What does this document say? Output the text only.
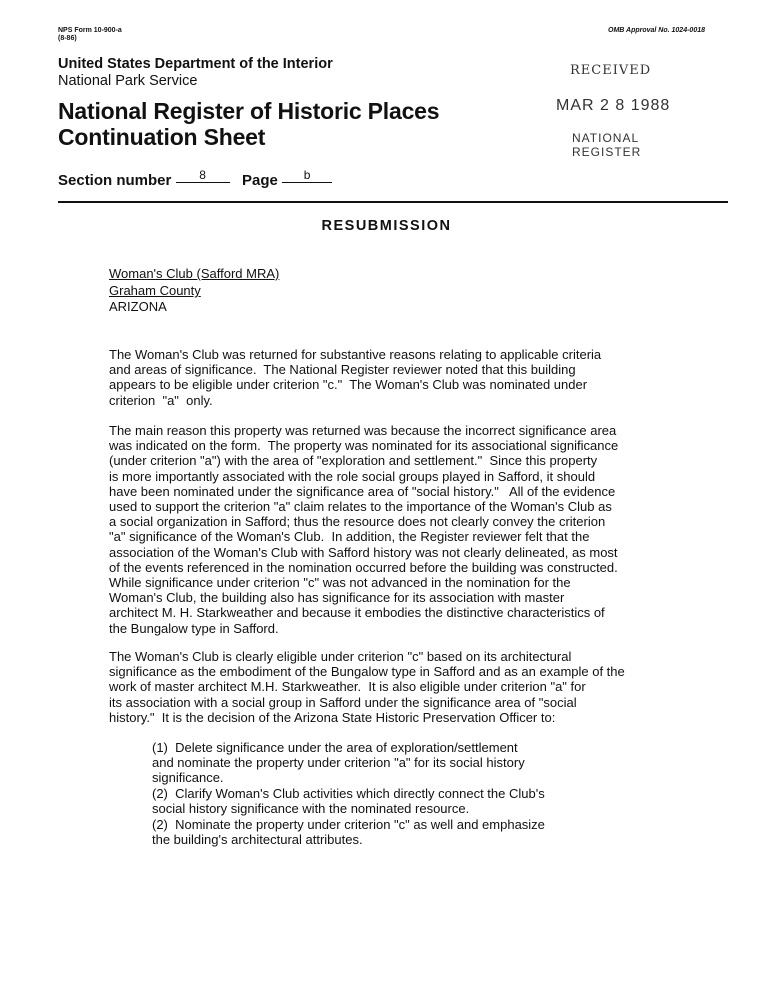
NPS Form 10-900-a
(8-86)
OMB Approval No. 1024-0018
United States Department of the Interior
National Park Service
National Register of Historic Places
Continuation Sheet
RECEIVED
MAR 2 8 1988
NATIONAL
REGISTER
Section number 8 Page b
RESUBMISSION
Woman's Club (Safford MRA)
Graham County
ARIZONA
The Woman's Club was returned for substantive reasons relating to applicable criteria
and areas of significance.  The National Register reviewer noted that this building
appears to be eligible under criterion "c."  The Woman's Club was nominated under
criterion  "a"  only.
The main reason this property was returned was because the incorrect significance area
was indicated on the form.  The property was nominated for its associational significance
(under criterion "a") with the area of "exploration and settlement."  Since this property
is more importantly associated with the role social groups played in Safford, it should
have been nominated under the significance area of "social history."   All of the evidence
used to support the criterion "a" claim relates to the importance of the Woman's Club as
a social organization in Safford; thus the resource does not clearly convey the criterion
"a" significance of the Woman's Club.  In addition, the Register reviewer felt that the
association of the Woman's Club with Safford history was not clearly delineated, as most
of the events referenced in the nomination occurred before the building was constructed.
While significance under criterion "c" was not advanced in the nomination for the
Woman's Club, the building also has significance for its association with master
architect M. H. Starkweather and because it embodies the distinctive characteristics of
the Bungalow type in Safford.
The Woman's Club is clearly eligible under criterion "c" based on its architectural
significance as the embodiment of the Bungalow type in Safford and as an example of the
work of master architect M.H. Starkweather.  It is also eligible under criterion "a" for
its association with a social group in Safford under the significance area of "social
history."  It is the decision of the Arizona State Historic Preservation Officer to:
(1)  Delete significance under the area of exploration/settlement
and nominate the property under criterion "a" for its social history
significance.
(2)  Clarify Woman's Club activities which directly connect the Club's
social history significance with the nominated resource.
(2)  Nominate the property under criterion "c" as well and emphasize
the building's architectural attributes.
